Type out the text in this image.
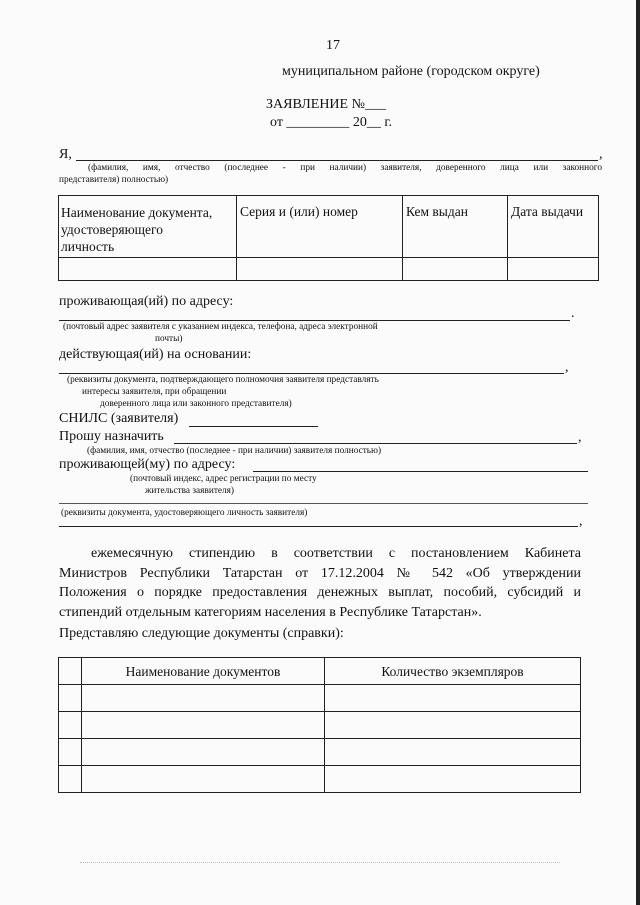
17
муниципальном районе (городском округе)
ЗАЯВЛЕНИЕ №___
от _________ 20__ г.
Я,	,
(фамилия, имя, отчество (последнее - при наличии) заявителя, доверенного лица или законного
представителя) полностью)
Наименование документа,
удостоверяющего
личность	Серия и (или) номер	Кем выдан	Дата выдачи

проживающая(ий) по адресу:
.
(почтовый адрес заявителя с указанием индекса, телефона, адреса электронной
почты)
действующая(ий) на основании:
,
(реквизиты документа, подтверждающего полномочия заявителя представлять
интересы заявителя, при обращении
доверенного лица или законного представителя)
СНИЛС (заявителя)
Прошу назначить	,
(фамилия, имя, отчество (последнее - при наличии) заявителя полностью)
проживающей(му) по адресу:
(почтовый индекс, адрес регистрации по месту
жительства заявителя)
(реквизиты документа, удостоверяющего личность заявителя)
,
ежемесячную стипендию в соответствии с постановлением Кабинета
Министров Республики Татарстан от 17.12.2004 № 542 «Об утверждении
Положения о порядке предоставления денежных выплат, пособий, субсидий и
стипендий отдельным категориям населения в Республике Татарстан».
Представляю следующие документы (справки):

	Наименование документов	Количество экземпляров
